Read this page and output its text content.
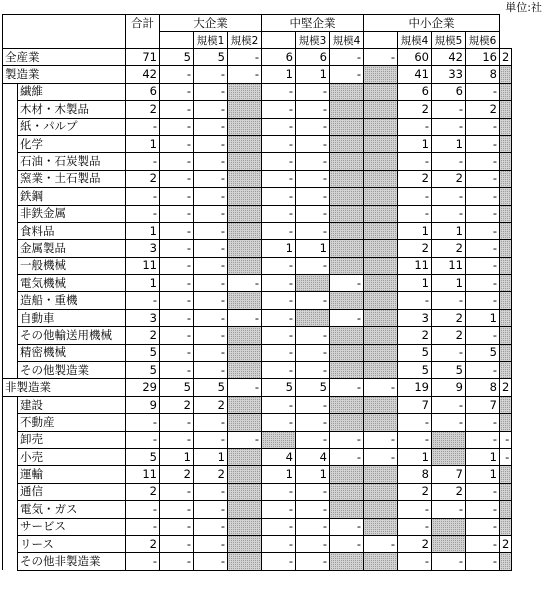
単位:社
		合計	大企業			中堅企業			中小企業				
				規模1	規模2		規模3	規模4		規模4	規模5	規模6	
全産業		71	5	5	-	6	6	-	-	60	42	16	2
製造業		42	-	-	-	1	1	-		41	33	8	
	繊維	6	-	-		-	-			6	6	-	
	木材・木製品	2	-	-		-	-			2	-	2	
	紙・パルプ	-	-	-		-	-			-	-	-	
	化学	1	-	-		-	-			1	1	-	
	石油・石炭製品	-	-	-		-	-			-	-	-	
	窯業・土石製品	2	-	-		-	-			2	2	-	
	鉄鋼	-	-	-		-	-			-	-	-	
	非鉄金属	-	-	-		-	-			-	-	-	
	食料品	1	-	-		-	-			1	1	-	
	金属製品	3	-	-		1	1			2	2	-	
	一般機械	11	-	-		-	-			11	11	-	
	電気機械	1	-	-	-	-		-		1	1	-	
	造船・重機	-	-	-		-	-			-	-	-	
	自動車	3	-	-	-	-		-		3	2	1	
	その他輸送用機械	2	-	-		-	-			2	2	-	
	精密機械	5	-	-		-	-			5	-	5	
	その他製造業	5	-	-		-	-			5	5	-	
非製造業		29	5	5	-	5	5	-	-	19	9	8	2
	建設	9	2	2		-	-			7	-	7	
	不動産	-	-	-		-	-			-	-	-	
	卸売	-	-	-	-		-	-	-	-		-	-
	小売	5	1	1		4	4	-	-	1		1	-
	運輸	11	2	2		1	1			8	7	1	
	通信	2	-	-		-	-			2	2	-	
	電気・ガス	-	-	-		-	-			-	-	-	
	サービス	-	-	-		-	-	-		-		-	
	リース	2	-	-		-	-	-	-	2		-	2
	その他非製造業	-	-	-		-	-			-	-	-	
